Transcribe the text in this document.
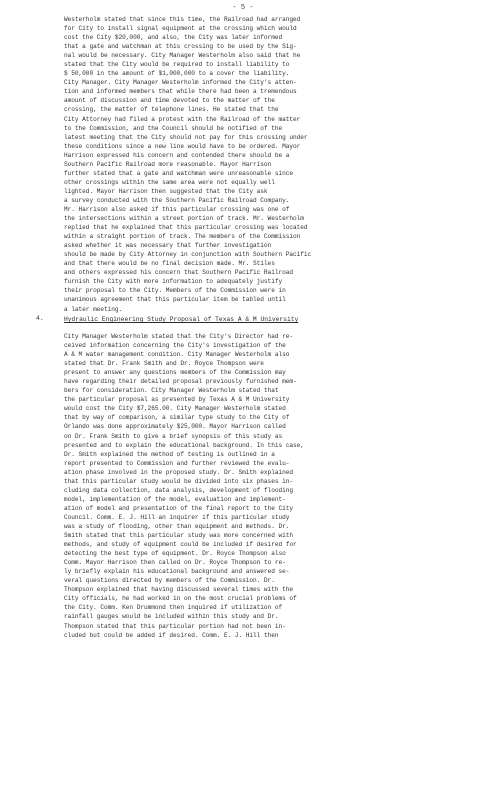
- 5 -
Westerholm stated that since this time, the Railroad had arranged
for City to install signal equipment at the crossing which would
cost the City $20,000, and also, the City was later informed
that a gate and watchman at this crossing to be used by the Sig-
nal would be necessary. City Manager Westerholm also said that he
stated that the City would be required to install liability to
$ 50,000 in the amount of $1,000,000 to a cover the liability.
City Manager. City Manager Westerholm informed the City's atten-
tion and informed members that while there had been a tremendous
amount of discussion and time devoted to the matter of the
crossing, the matter of telephone lines. He stated that the
City Attorney had filed a protest with the Railroad of the matter
to the Commission, and the Council should be notified of the
latest meeting that the City should not pay for this crossing under
these conditions since a new line would have to be ordered. Mayor
Harrison expressed his concern and contended there should be a
Southern Pacific Railroad more reasonable. Mayor Harrison
further stated that a gate and watchman were unreasonable since
other crossings within the same area were not equally well
lighted. Mayor Harrison then suggested that the City ask
a survey conducted with the Southern Pacific Railroad Company.
Mr. Harrison also asked if this particular crossing was one of
the intersections within a street portion of track. Mr. Westerholm
replied that he explained that this particular crossing was located
within a straight portion of track. The members of the Commission
asked whether it was necessary that further investigation
should be made by City Attorney in conjunction with Southern Pacific
and that there would be no final decision made. Mr. Stiles
and others expressed his concern that Southern Pacific Railroad
furnish the City with more information to adequately justify
their proposal to the City. Members of the Commission were in
unanimous agreement that this particular item be tabled until
a later meeting.
4.	Hydraulic Engineering Study Proposal of Texas A & M University
City Manager Westerholm stated that the City's Director had re-
ceived information concerning the City's investigation of the
A & M water management condition. City Manager Westerholm also
stated that Dr. Frank Smith and Dr. Royce Thompson were
present to answer any questions members of the Commission may
have regarding their detailed proposal previously furnished mem-
bers for consideration. City Manager Westerholm stated that
the particular proposal as presented by Texas A & M University
would cost the City $7,265.00. City Manager Westerholm stated
that by way of comparison, a similar type study to the City of
Orlando was done approximately $25,000. Mayor Harrison called
on Dr. Frank Smith to give a brief synopsis of this study as
presented and to explain the educational background. In this case,
Dr. Smith explained the method of testing is outlined in a
report presented to Commission and further reviewed the evalu-
ation phase involved in the proposed study. Dr. Smith explained
that this particular study would be divided into six phases in-
cluding data collection, data analysis, development of flooding
model, implementation of the model, evaluation and implement-
ation of model and presentation of the final report to the City
Council. Comm. E. J. Hill an inquirer if this particular study
was a study of flooding, other than equipment and methods. Dr.
Smith stated that this particular study was more concerned with
methods, and study of equipment could be included if desired for
detecting the best type of equipment. Dr. Royce Thompson also
Comm. Mayor Harrison then called on Dr. Royce Thompson to re-
ly briefly explain his educational background and answered se-
veral questions directed by members of the Commission. Dr.
Thompson explained that having discussed several times with the
City officials, he had worked in on the most crucial problems of
the City. Comm. Ken Drummond then inquired if utilization of
rainfall gauges would be included within this study and Dr.
Thompson stated that this particular portion had not been in-
cluded but could be added if desired. Comm. E. J. Hill then
